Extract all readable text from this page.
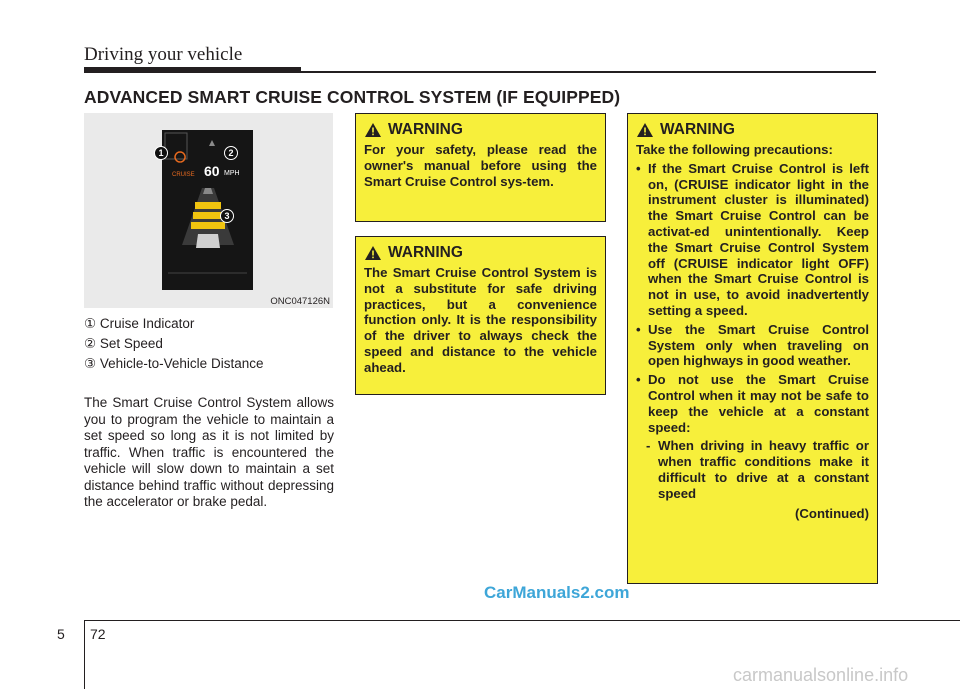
Driving your vehicle
ADVANCED SMART CRUISE CONTROL SYSTEM (IF EQUIPPED)
CRUISE 60 MPH
1	2
3
ONC047126N
① Cruise Indicator
② Set Speed
③ Vehicle-to-Vehicle Distance
The Smart Cruise Control System allows you to program the vehicle to maintain a set speed so long as it is not limited by traffic. When traffic is encountered the vehicle will slow down to maintain a set distance behind traffic without depressing the accelerator or brake pedal.
WARNING
For your safety, please read the owner's manual before using the Smart Cruise Control sys-tem.
WARNING
The Smart Cruise Control System is not a substitute for safe driving practices, but a convenience function only. It is the responsibility of the driver to always check the speed and distance to the vehicle ahead.
WARNING
Take the following precautions:
• If the Smart Cruise Control is left on, (CRUISE indicator light in the instrument cluster is illuminated) the Smart Cruise Control can be activat-ed unintentionally. Keep the Smart Cruise Control System off (CRUISE indicator light OFF) when the Smart Cruise Control is not in use, to avoid inadvertently setting a speed.
• Use the Smart Cruise Control System only when traveling on open highways in good weather.
• Do not use the Smart Cruise Control when it may not be safe to keep the vehicle at a constant speed:
- When driving in heavy traffic or when traffic conditions make it difficult to drive at a constant speed
(Continued)
CarManuals2.com
5 72
carmanualsonline.info
